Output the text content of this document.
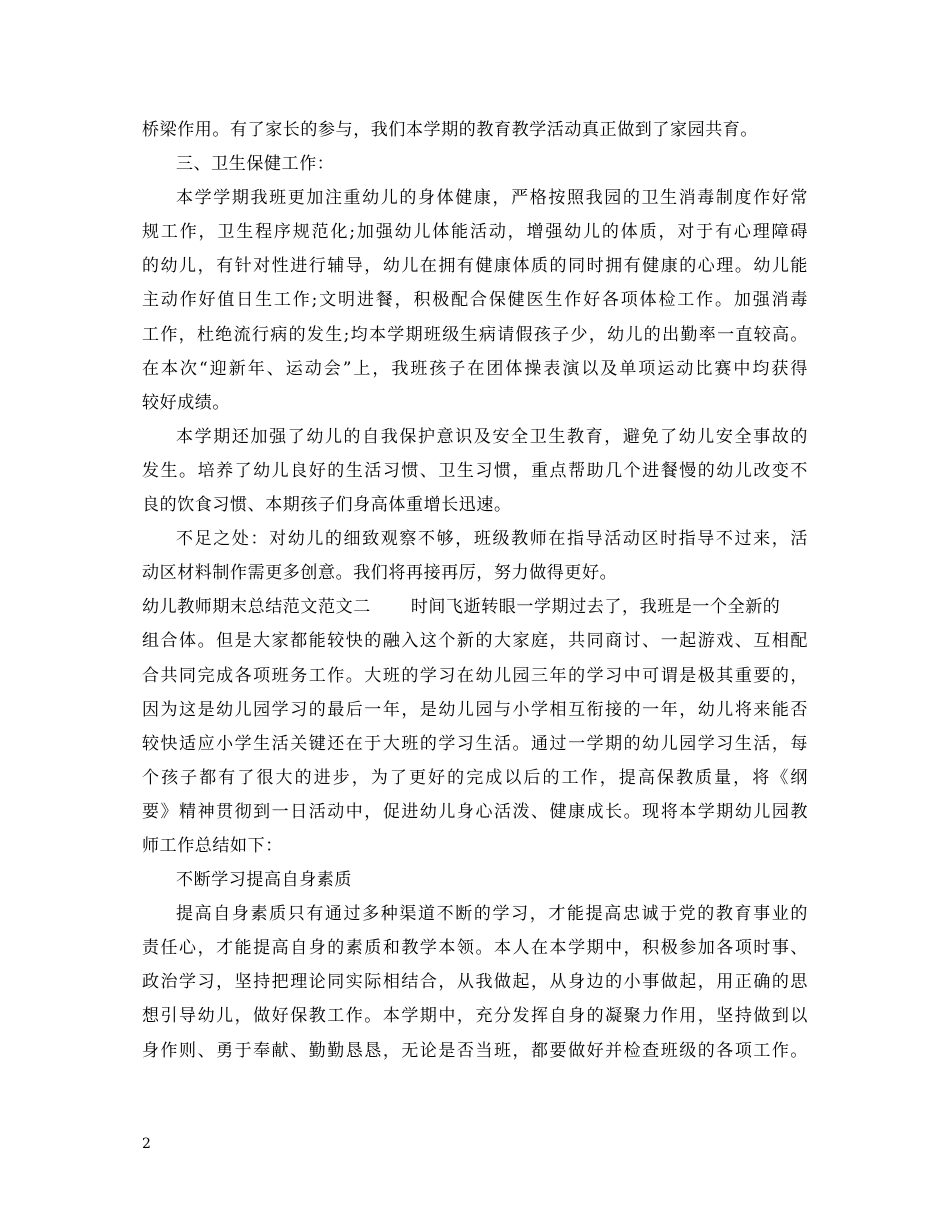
桥梁作用。有了家长的参与，我们本学期的教育教学活动真正做到了家园共育。
三、卫生保健工作：
本学学期我班更加注重幼儿的身体健康，严格按照我园的卫生消毒制度作好常
规工作，卫生程序规范化;加强幼儿体能活动，增强幼儿的体质，对于有心理障碍
的幼儿，有针对性进行辅导，幼儿在拥有健康体质的同时拥有健康的心理。幼儿能
主动作好值日生工作;文明进餐，积极配合保健医生作好各项体检工作。加强消毒
工作，杜绝流行病的发生;均本学期班级生病请假孩子少，幼儿的出勤率一直较高。
在本次“迎新年、运动会”上，我班孩子在团体操表演以及单项运动比赛中均获得
较好成绩。
本学期还加强了幼儿的自我保护意识及安全卫生教育，避免了幼儿安全事故的
发生。培养了幼儿良好的生活习惯、卫生习惯，重点帮助几个进餐慢的幼儿改变不
良的饮食习惯、本期孩子们身高体重增长迅速。
不足之处：对幼儿的细致观察不够，班级教师在指导活动区时指导不过来，活
动区材料制作需更多创意。我们将再接再厉，努力做得更好。
幼儿教师期末总结范文范文二 时间飞逝转眼一学期过去了，我班是一个全新的
组合体。但是大家都能较快的融入这个新的大家庭，共同商讨、一起游戏、互相配
合共同完成各项班务工作。大班的学习在幼儿园三年的学习中可谓是极其重要的，
因为这是幼儿园学习的最后一年，是幼儿园与小学相互衔接的一年，幼儿将来能否
较快适应小学生活关键还在于大班的学习生活。通过一学期的幼儿园学习生活，每
个孩子都有了很大的进步，为了更好的完成以后的工作，提高保教质量，将《纲
要》精神贯彻到一日活动中，促进幼儿身心活泼、健康成长。现将本学期幼儿园教
师工作总结如下：
不断学习提高自身素质
提高自身素质只有通过多种渠道不断的学习，才能提高忠诚于党的教育事业的
责任心，才能提高自身的素质和教学本领。本人在本学期中，积极参加各项时事、
政治学习，坚持把理论同实际相结合，从我做起，从身边的小事做起，用正确的思
想引导幼儿，做好保教工作。本学期中，充分发挥自身的凝聚力作用，坚持做到以
身作则、勇于奉献、勤勤恳恳，无论是否当班，都要做好并检查班级的各项工作。
2
